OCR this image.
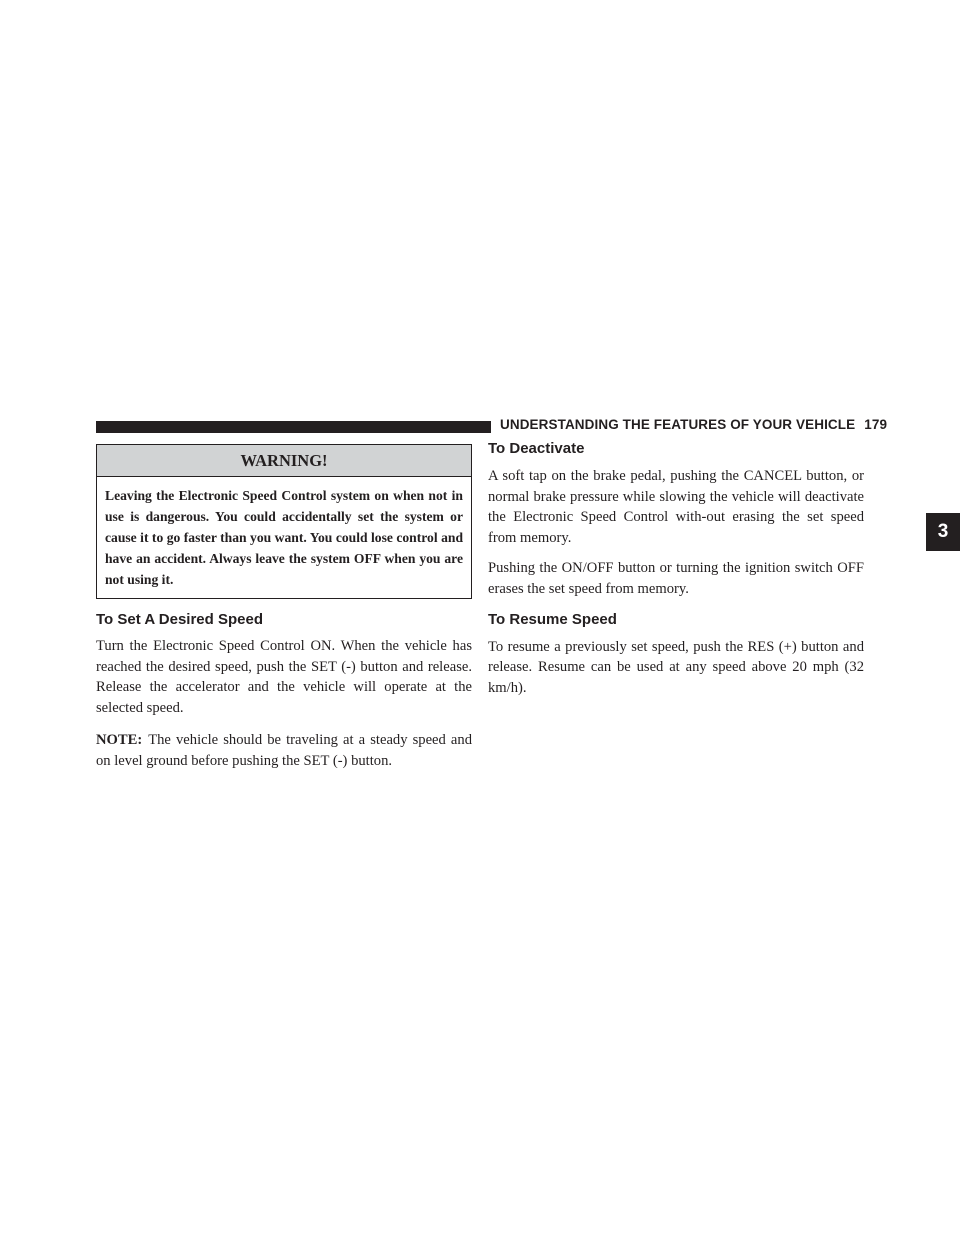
UNDERSTANDING THE FEATURES OF YOUR VEHICLE 179
3
WARNING!

Leaving the Electronic Speed Control system on when not in use is dangerous. You could accidentally set the system or cause it to go faster than you want. You could lose control and have an accident. Always leave the system OFF when you are not using it.

To Set A Desired Speed

Turn the Electronic Speed Control ON. When the vehicle has reached the desired speed, push the SET (-) button and release. Release the accelerator and the vehicle will operate at the selected speed.

NOTE: The vehicle should be traveling at a steady speed and on level ground before pushing the SET (-) button.

To Deactivate

A soft tap on the brake pedal, pushing the CANCEL button, or normal brake pressure while slowing the vehicle will deactivate the Electronic Speed Control with-out erasing the set speed from memory.

Pushing the ON/OFF button or turning the ignition switch OFF erases the set speed from memory.

To Resume Speed

To resume a previously set speed, push the RES (+) button and release. Resume can be used at any speed above 20 mph (32 km/h).
